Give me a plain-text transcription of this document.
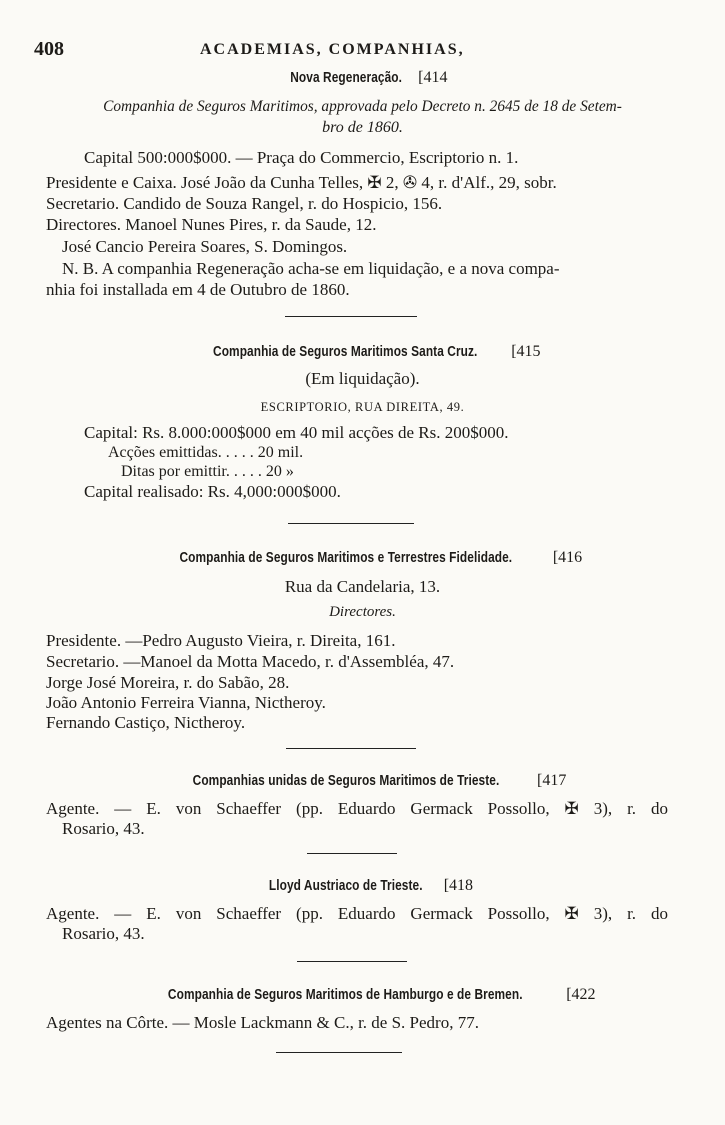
408	ACADEMIAS, COMPANHIAS,
Nova Regeneração. [414
Companhia de Seguros Maritimos, approvada pelo Decreto n. 2645 de 18 de Setem-
bro de 1860.
Capital 500:000$000. — Praça do Commercio, Escriptorio n. 1.
Presidente e Caixa. José João da Cunha Telles, ✠ 2, ✇ 4, r. d'Alf., 29, sobr.
Secretario. Candido de Souza Rangel, r. do Hospicio, 156.
Directores. Manoel Nunes Pires, r. da Saude, 12.
José Cancio Pereira Soares, S. Domingos.
N. B. A companhia Regeneração acha-se em liquidação, e a nova compa-
nhia foi installada em 4 de Outubro de 1860.
Companhia de Seguros Maritimos Santa Cruz. [415
(Em liquidação).
ESCRIPTORIO, RUA DIREITA, 49.
Capital: Rs. 8.000:000$000 em 40 mil acções de Rs. 200$000.
Acções emittidas. . . . . 20 mil.
Ditas por emittir. . . . . 20 »
Capital realisado: Rs. 4,000:000$000.
Companhia de Seguros Maritimos e Terrestres Fidelidade.	[416
Rua da Candelaria, 13.
Directores.
Presidente. —Pedro Augusto Vieira, r. Direita, 161.
Secretario. —Manoel da Motta Macedo, r. d'Assembléa, 47.
Jorge José Moreira, r. do Sabão, 28.
João Antonio Ferreira Vianna, Nictheroy.
Fernando Castiço, Nictheroy.
Companhias unidas de Seguros Maritimos de Trieste. [417
Agente. — E. von Schaeffer (pp. Eduardo Germack Possollo, ✠ 3), r. do
Rosario, 43.
Lloyd Austriaco de Trieste. [418
Agente. — E. von Schaeffer (pp. Eduardo Germack Possollo, ✠ 3), r. do
Rosario, 43.
Companhia de Seguros Maritimos de Hamburgo e de Bremen.	[422
Agentes na Côrte. — Mosle Lackmann & C., r. de S. Pedro, 77.
